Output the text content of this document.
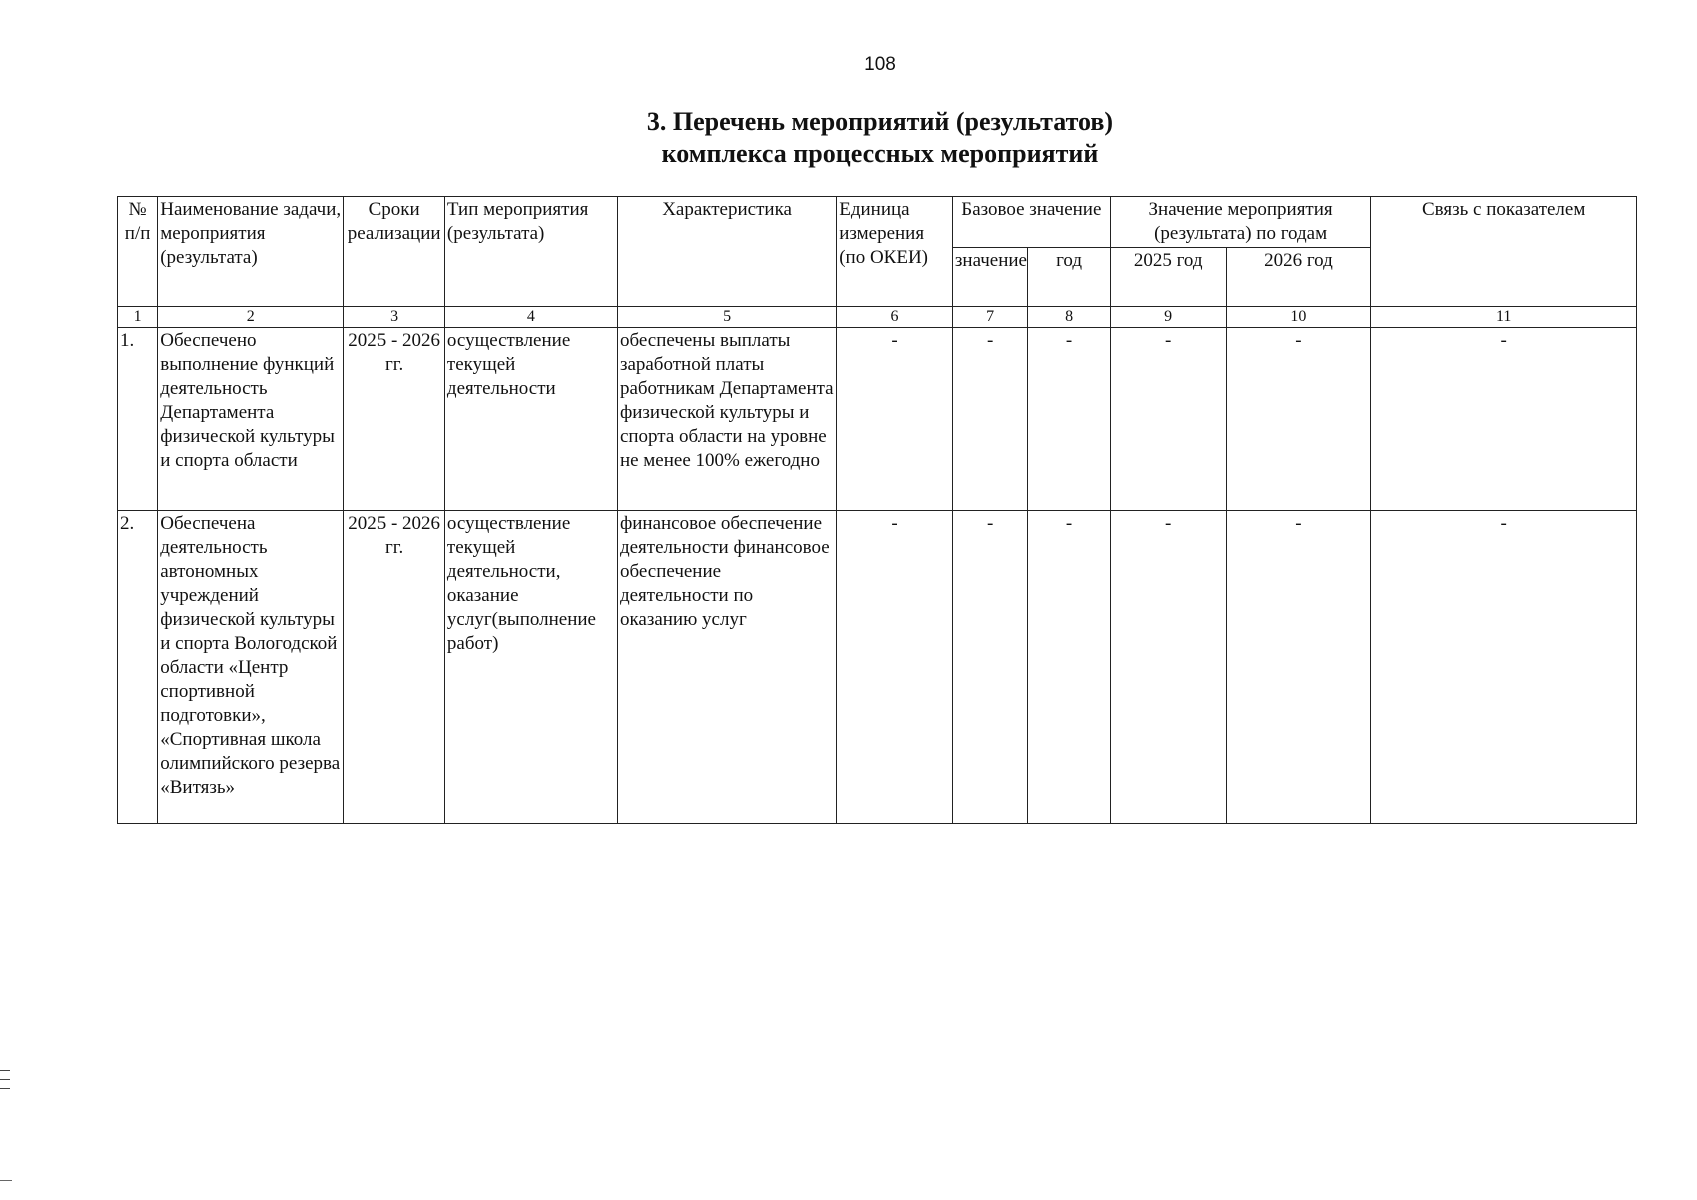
108
3. Перечень мероприятий (результатов)
комплекса процессных мероприятий
№ п/п	Наименование задачи, мероприятия (результата)	Сроки реализации	Тип мероприятия (результата)	Характеристика	Единица измерения (по ОКЕИ)	Базовое значение		Значение мероприятия (результата) по годам		Связь с показателем
						значение	год	2025 год	2026 год	
1	2	3	4	5	6	7	8	9	10	11
1.	Обеспечено выполнение функций деятельность Департамента физической культуры и спорта области	2025 - 2026 гг.	осуществление текущей деятельности	обеспечены выплаты заработной платы работникам Департамента физической культуры и спорта области на уровне не менее 100% ежегодно	-	-	-	-	-	-
2.	Обеспечена деятельность автономных учреждений физической культуры и спорта Вологодской области «Центр спортивной подготовки», «Спортивная школа олимпийского резерва «Витязь»	2025 - 2026 гг.	осуществление текущей деятельности, оказание услуг(выполнение работ)	финансовое обеспечение деятельности финансовое обеспечение деятельности по оказанию услуг	-	-	-	-	-	-
